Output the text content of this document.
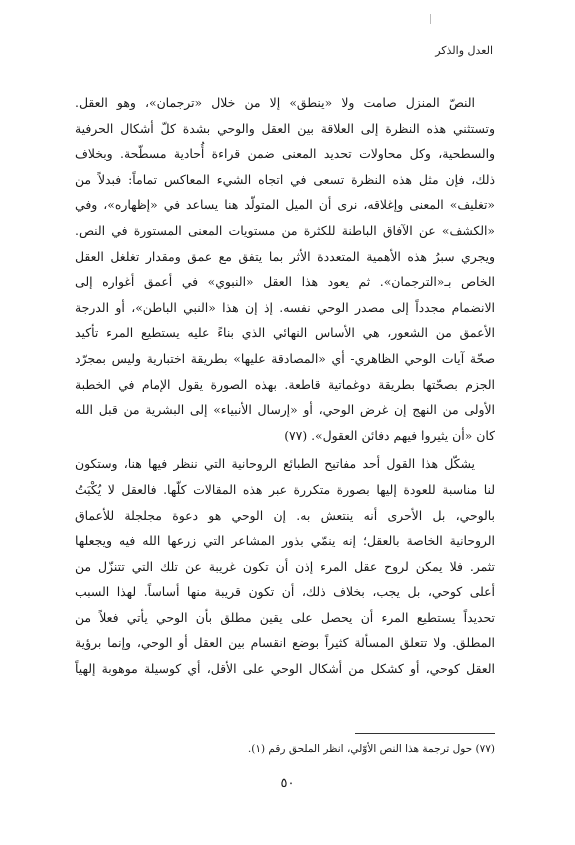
العدل والذكر
النصّ المنزل صامت ولا «ينطق» إلا من خلال «ترجمان»، وهو العقل.
وتستثني هذه النظرة إلى العلاقة بين العقل والوحي بشدة كلّ أشكال الحرفية
والسطحية، وكل محاولات تحديد المعنى ضمن قراءة أُحادية مسطّحة. وبخلاف
ذلك، فإن مثل هذه النظرة تسعى في اتجاه الشيء المعاكس تماماً: فبدلاً من
«تغليف» المعنى وإغلاقه، نرى أن الميل المتولّد هنا يساعد في «إظهاره»، وفي
«الكشف» عن الآفاق الباطنة للكثرة من مستويات المعنى المستورة في النص.
ويجري سبرُ هذه الأهمية المتعددة الأثر بما يتفق مع عمق ومقدار تغلغل العقل
الخاص بـ«الترجمان». ثم يعود هذا العقل «النبوي» في أعمق أغواره إلى
الانضمام مجدداً إلى مصدر الوحي نفسه. إذ إن هذا «النبي الباطن»، أو الدرجة
الأعمق من الشعور، هي الأساس النهائي الذي بناءً عليه يستطيع المرء تأكيد
صحّة آيات الوحي الظاهري- أي «المصادقة عليها» بطريقة اختبارية وليس بمجرّد
الجزم بصحّتها بطريقة دوغماتية قاطعة. بهذه الصورة يقول الإمام في الخطبة
الأولى من النهج إن غرض الوحي، أو «إرسال الأنبياء» إلى البشرية من قبل الله
كان «أن يثيروا فيهم دفائن العقول». (٧٧)
يشكّل هذا القول أحد مفاتيح الطبائع الروحانية التي ننظر فيها هنا، وستكون
لنا مناسبة للعودة إليها بصورة متكررة عبر هذه المقالات كلّها. فالعقل لا يُكْبَتُ
بالوحي، بل الأحرى أنه ينتعش به. إن الوحي هو دعوة مجلجلة للأعماق
الروحانية الخاصة بالعقل؛ إنه ينمّي بذور المشاعر التي زرعها الله فيه ويجعلها
تثمر. فلا يمكن لروح عقل المرء إذن أن تكون غريبة عن تلك التي تتنزّل من
أعلى كوحي، بل يجب، بخلاف ذلك، أن تكون قريبة منها أساساً. لهذا السبب
تحديداً يستطيع المرء أن يحصل على يقين مطلق بأن الوحي يأتي فعلاً من
المطلق. ولا تتعلق المسألة كثيراً بوضع انقسام بين العقل أو الوحي، وإنما برؤية
العقل كوحي، أو كشكل من أشكال الوحي على الأقل، أي كوسيلة موهوبة إلهياً
(٧٧) حول ترجمة هذا النص الأوّلي، انظر الملحق رقم (١).
٥٠
